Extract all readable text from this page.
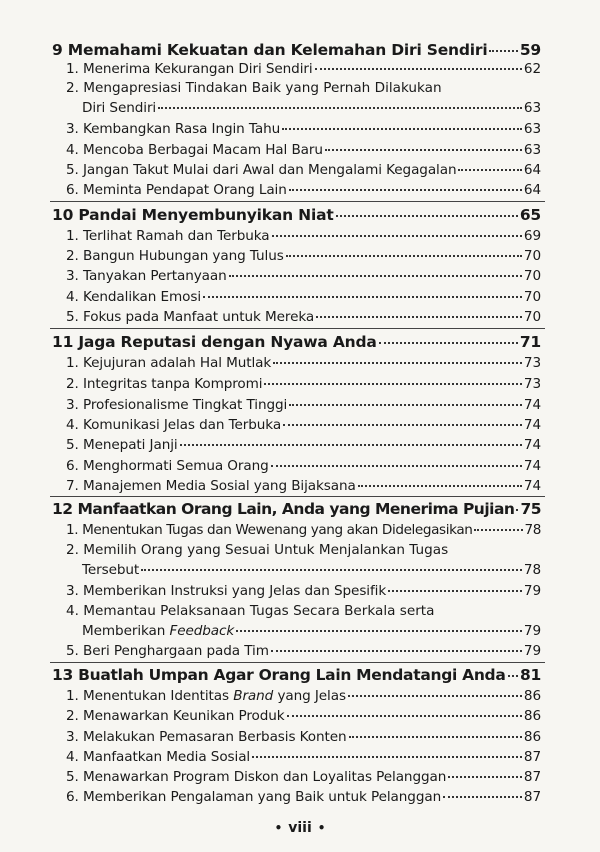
9 Memahami Kekuatan dan Kelemahan Diri Sendiri 59
1. Menerima Kekurangan Diri Sendiri	62
2. Mengapresiasi Tindakan Baik yang Pernah Dilakukan
Diri Sendiri	63
3. Kembangkan Rasa Ingin Tahu	63
4. Mencoba Berbagai Macam Hal Baru	63
5. Jangan Takut Mulai dari Awal dan Mengalami Kegagalan	64
6. Meminta Pendapat Orang Lain	64
10 Pandai Menyembunyikan Niat	65
1. Terlihat Ramah dan Terbuka	69
2. Bangun Hubungan yang Tulus	70
3. Tanyakan Pertanyaan	70
4. Kendalikan Emosi	70
5. Fokus pada Manfaat untuk Mereka	70
11 Jaga Reputasi dengan Nyawa Anda	71
1. Kejujuran adalah Hal Mutlak	73
2. Integritas tanpa Kompromi	73
3. Profesionalisme Tingkat Tinggi	74
4. Komunikasi Jelas dan Terbuka	74
5. Menepati Janji	74
6. Menghormati Semua Orang	74
7. Manajemen Media Sosial yang Bijaksana	74
12 Manfaatkan Orang Lain, Anda yang Menerima Pujian 75
1. Menentukan Tugas dan Wewenang yang akan Didelegasikan	78
2. Memilih Orang yang Sesuai Untuk Menjalankan Tugas
Tersebut	78
3. Memberikan Instruksi yang Jelas dan Spesifik	79
4. Memantau Pelaksanaan Tugas Secara Berkala serta
Memberikan Feedback	79
5. Beri Penghargaan pada Tim	79
13 Buatlah Umpan Agar Orang Lain Mendatangi Anda 81
1. Menentukan Identitas Brand yang Jelas	86
2. Menawarkan Keunikan Produk	86
3. Melakukan Pemasaran Berbasis Konten	86
4. Manfaatkan Media Sosial	87
5. Menawarkan Program Diskon dan Loyalitas Pelanggan	87
6. Memberikan Pengalaman yang Baik untuk Pelanggan	87
• viii •
